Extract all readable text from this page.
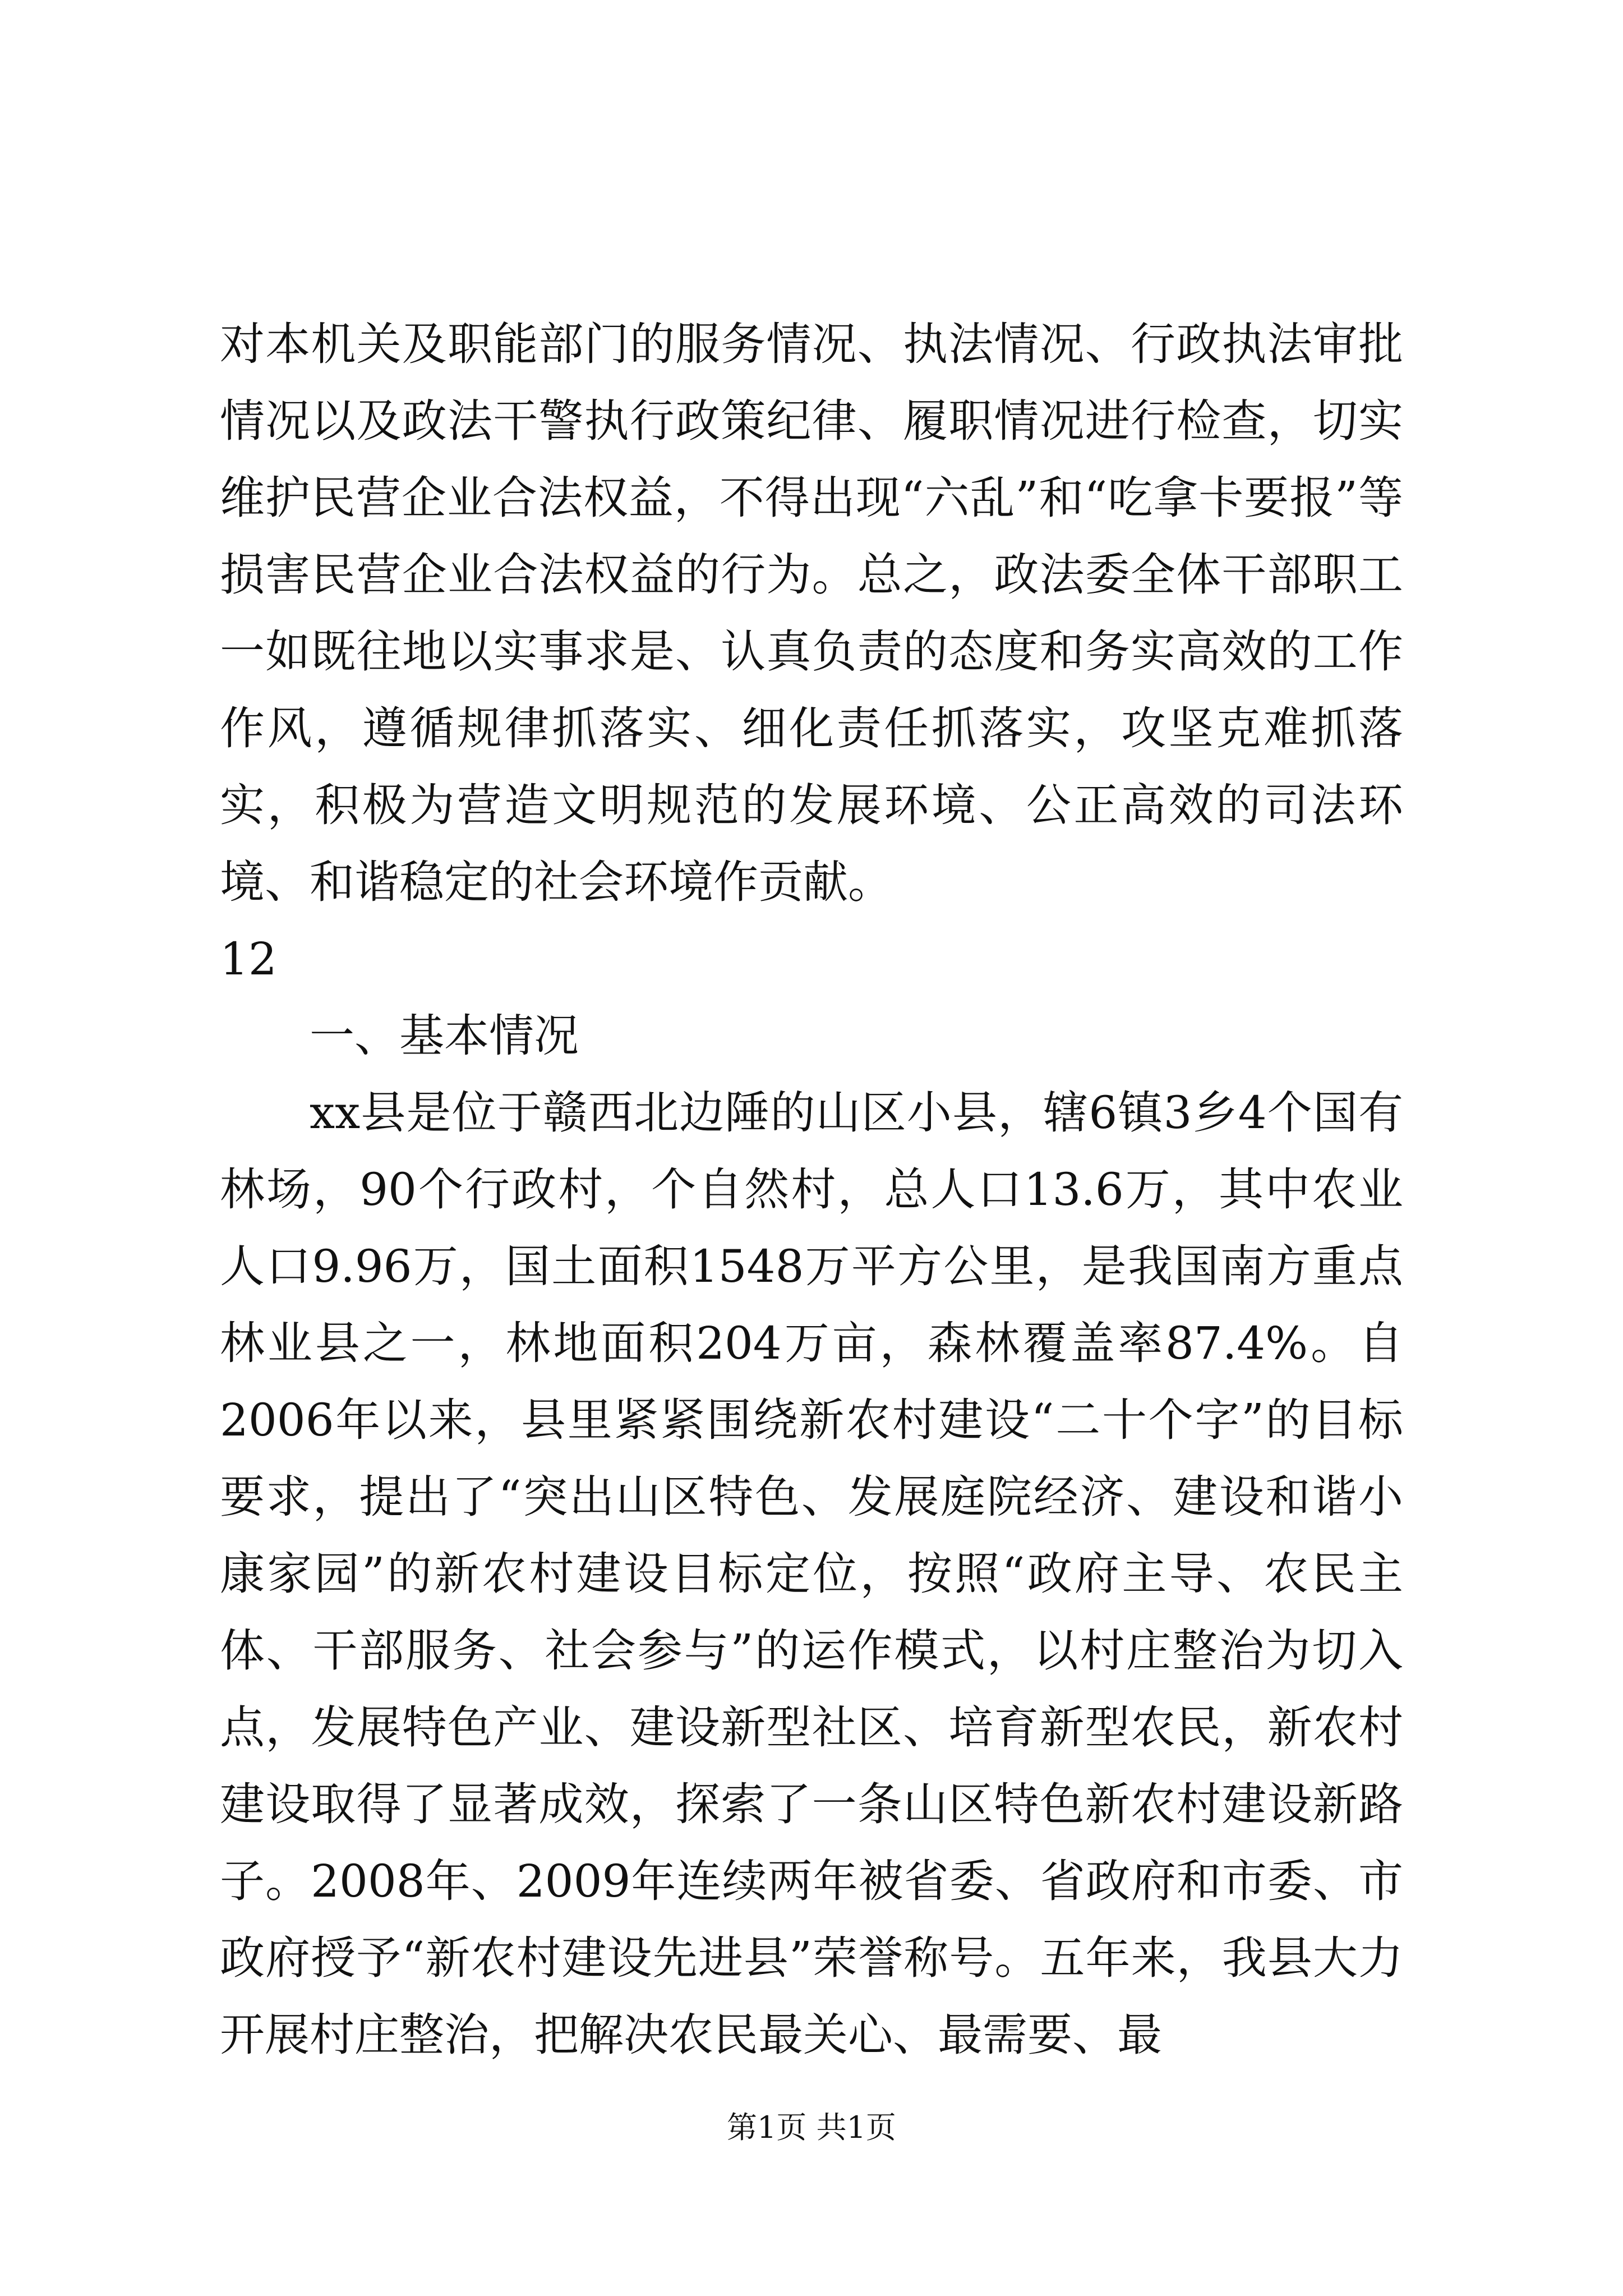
对本机关及职能部门的服务情况、执法情况、行政执法审批情况以及政法干警执行政策纪律、履职情况进行检查，切实维护民营企业合法权益，不得出现“六乱”和“吃拿卡要报”等损害民营企业合法权益的行为。总之，政法委全体干部职工一如既往地以实事求是、认真负责的态度和务实高效的工作作风，遵循规律抓落实、细化责任抓落实，攻坚克难抓落实，积极为营造文明规范的发展环境、公正高效的司法环境、和谐稳定的社会环境作贡献。

12

一、基本情况

xx县是位于赣西北边陲的山区小县，辖6镇3乡4个国有林场，90个行政村，个自然村，总人口13.6万，其中农业人口9.96万，国土面积1548万平方公里，是我国南方重点林业县之一，林地面积204万亩，森林覆盖率87.4%。自2006年以来，县里紧紧围绕新农村建设“二十个字”的目标要求，提出了“突出山区特色、发展庭院经济、建设和谐小康家园”的新农村建设目标定位，按照“政府主导、农民主体、干部服务、社会参与”的运作模式，以村庄整治为切入点，发展特色产业、建设新型社区、培育新型农民，新农村建设取得了显著成效，探索了一条山区特色新农村建设新路子。2008年、2009年连续两年被省委、省政府和市委、市政府授予“新农村建设先进县”荣誉称号。五年来，我县大力开展村庄整治，把解决农民最关心、最需要、最

第1页 共1页
